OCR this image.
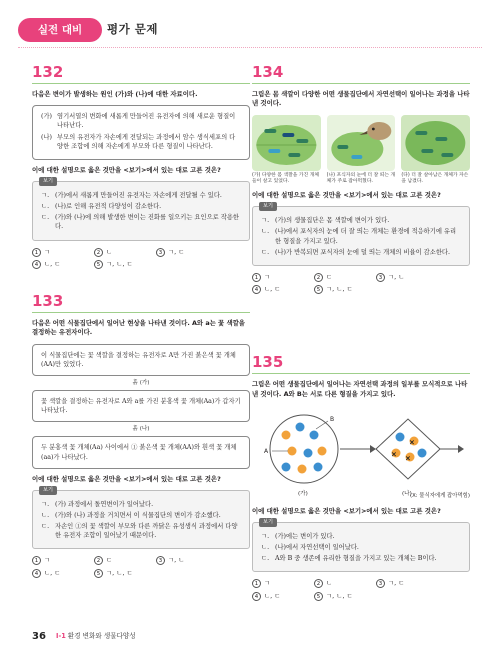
실전 대비	평가 문제
132
다음은 변이가 발생하는 원인 (가)와 (나)에 대한 자료이다.
(가) 염기서열의 변화에 새롭게 만들어진 유전자에 의해 새로운 형질이 나타난다.
(나) 부모의 유전자가 자손에게 전달되는 과정에서 암수 생식세포의 다양한 조합에 의해 자손에게 부모와 다른 형질이 나타난다.
이에 대한 설명으로 옳은 것만을 <보기>에서 있는 대로 고른 것은?
보기
ㄱ. (가)에서 새롭게 만들어진 유전자는 자손에게 전달될 수 있다.
ㄴ. (나)로 인해 유전적 다양성이 감소한다.
ㄷ. (가)와 (나)에 의해 발생한 변이는 진화를 일으키는 요인으로 작용한다.
1 ㄱ	2 ㄴ	3 ㄱ, ㄷ
4 ㄴ, ㄷ	5 ㄱ, ㄴ, ㄷ
133
다음은 어떤 식물집단에서 일어난 현상을 나타낸 것이다. A와 a는 꽃 색깔을 결정하는 유전자이다.
이 식물집단에는 꽃 색깔을 결정하는 유전자로 A만 가진 붉은색 꽃 개체(AA)만 있었다.
흙 (가)
꽃 색깔을 결정하는 유전자로 A와 a를 가진 분홍색 꽃 개체(Aa)가 갑자기 나타났다.
흙 (나)
두 분홍색 꽃 개체(Aa) 사이에서 ① 붉은색 꽃 개체(AA)와 흰색 꽃 개체(aa)가 나타났다.
이에 대한 설명으로 옳은 것만을 <보기>에서 있는 대로 고른 것은?
보기
ㄱ. (가) 과정에서 돌연변이가 일어났다.
ㄴ. (가)와 (나) 과정을 거치면서 이 식물집단의 변이가 감소했다.
ㄷ. 자손인 ①의 꽃 색깔이 부모와 다른 까닭은 유성생식 과정에서 다양한 유전자 조합이 일어났기 때문이다.
1 ㄱ	2 ㄷ	3 ㄱ, ㄴ
4 ㄴ, ㄷ	5 ㄱ, ㄴ, ㄷ
134
그림은 몸 색깔이 다양한 어떤 생물집단에서 자연선택이 일어나는 과정을 나타낸 것이다.
(가) 다양한 몸 색깔을 가진 개체들이 살고 있었다.
(나) 포식자의 눈에 더 잘 띄는 개체가 주로 잡아먹혔다.
(다) 더 잘 살아남은 개체가 자손을 남겼다.
이에 대한 설명으로 옳은 것만을 <보기>에서 있는 대로 고른 것은?
보기
ㄱ. (가)의 생물집단은 몸 색깔에 변이가 있다.
ㄴ. (나)에서 포식자의 눈에 더 잘 띄는 개체는 환경에 적응하기에 유리한 형질을 가지고 있다.
ㄷ. (나)가 반복되면 포식자의 눈에 덜 띄는 개체의 비율이 감소한다.
1 ㄱ	2 ㄷ	3 ㄱ, ㄴ
4 ㄴ, ㄷ	5 ㄱ, ㄴ, ㄷ
135
그림은 어떤 생물집단에서 일어나는 자연선택 과정의 일부를 모식적으로 나타낸 것이다. A와 B는 서로 다른 형질을 가지고 있다.
×
× ×
A
B
(가)	(나)
(X: 물식자에게 잡아먹힘)
이에 대한 설명으로 옳은 것만을 <보기>에서 있는 대로 고른 것은?
보기
ㄱ. (가)에는 변이가 있다.
ㄴ. (나)에서 자연선택이 일어났다.
ㄷ. A와 B 중 생존에 유리한 형질을 가지고 있는 개체는 B이다.
1 ㄱ	2 ㄴ	3 ㄱ, ㄷ
4 ㄴ, ㄷ	5 ㄱ, ㄴ, ㄷ
36 I-1 환경 변화와 생물다양성
